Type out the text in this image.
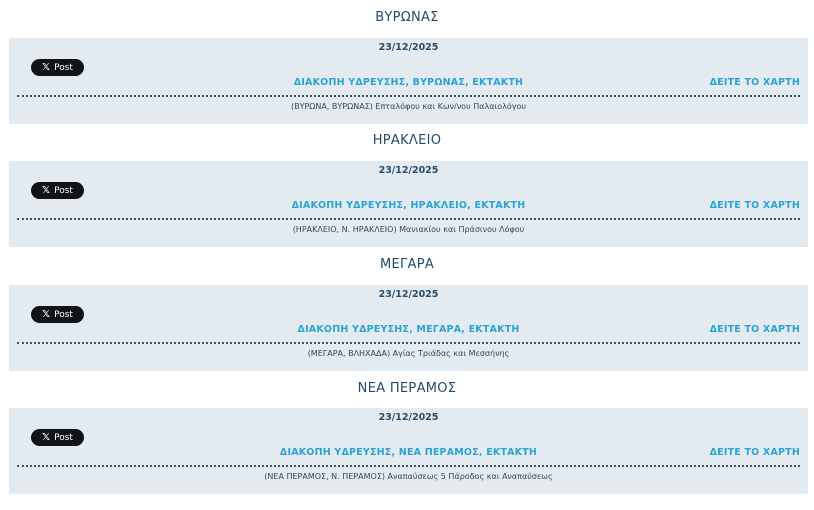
ΒΥΡΩΝΑΣ
23/12/2025
𝕏 Post
ΔΙΑΚΟΠΗ ΥΔΡΕΥΣΗΣ, ΒΥΡΩΝΑΣ, ΕΚΤΑΚΤΗ	ΔΕΙΤΕ ΤΟ ΧΑΡΤΗ
(ΒΥΡΩΝΑ, ΒΥΡΩΝΑΣ) Επταλόφου και Κων/νου Παλαιολόγου
ΗΡΑΚΛΕΙΟ
23/12/2025
𝕏 Post
ΔΙΑΚΟΠΗ ΥΔΡΕΥΣΗΣ, ΗΡΑΚΛΕΙΟ, ΕΚΤΑΚΤΗ	ΔΕΙΤΕ ΤΟ ΧΑΡΤΗ
(ΗΡΑΚΛΕΙΟ, Ν. ΗΡΑΚΛΕΙΟ) Μανιακίου και Πράσινου Λόφου
ΜΕΓΑΡΑ
23/12/2025
𝕏 Post
ΔΙΑΚΟΠΗ ΥΔΡΕΥΣΗΣ, ΜΕΓΑΡΑ, ΕΚΤΑΚΤΗ	ΔΕΙΤΕ ΤΟ ΧΑΡΤΗ
(ΜΕΓΑΡΑ, ΒΛΗΧΑΔΑ) Αγίας Τριάδας και Μεσσήνης
ΝΕΑ ΠΕΡΑΜΟΣ
23/12/2025
𝕏 Post
ΔΙΑΚΟΠΗ ΥΔΡΕΥΣΗΣ, ΝΕΑ ΠΕΡΑΜΟΣ, ΕΚΤΑΚΤΗ	ΔΕΙΤΕ ΤΟ ΧΑΡΤΗ
(ΝΕΑ ΠΕΡΑΜΟΣ, Ν. ΠΕΡΑΜΟΣ) Αναπαύσεως 5 Πάροδος και Αναπαύσεως
